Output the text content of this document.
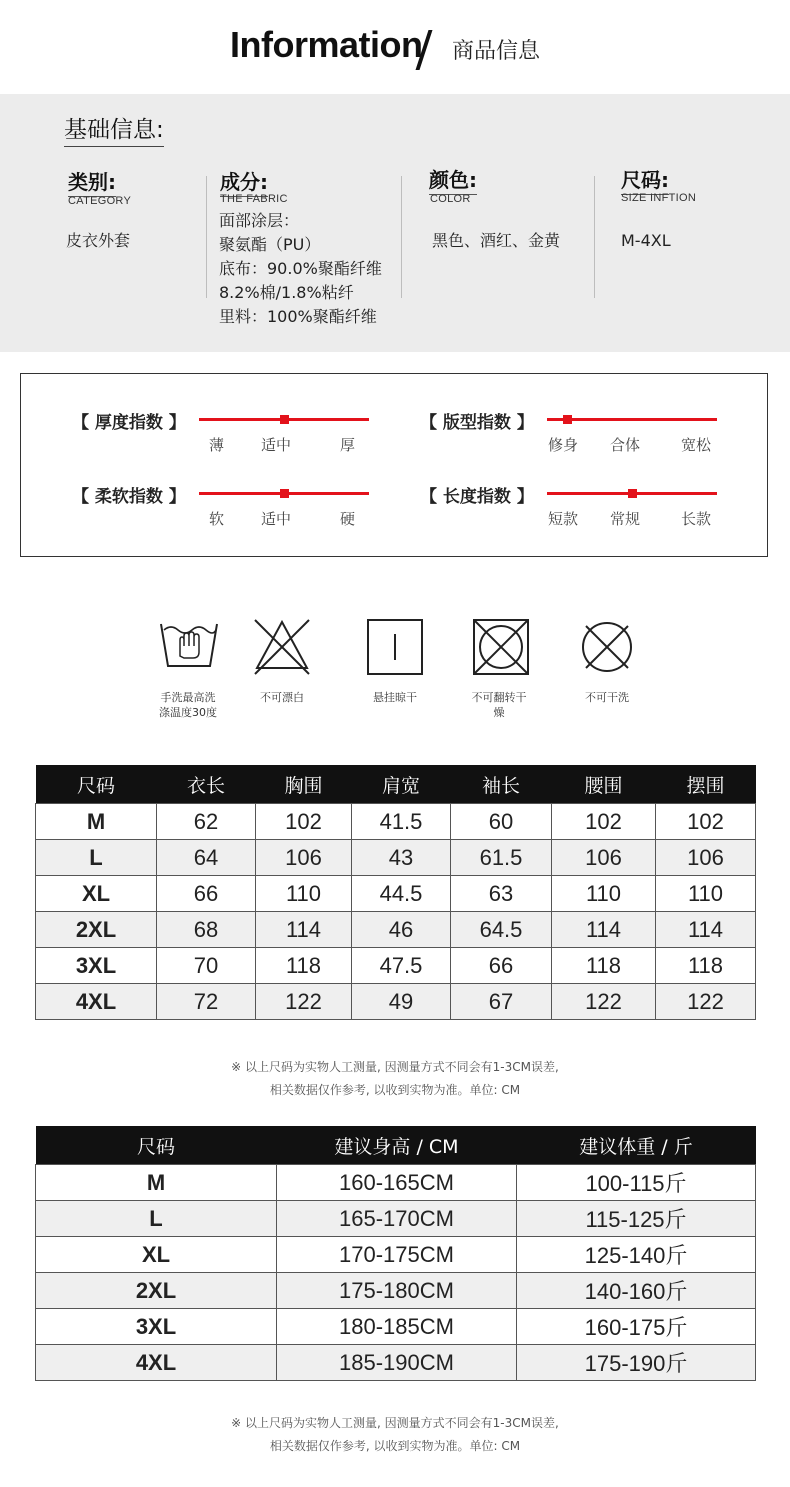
Information 商品信息
基础信息:
类别:
CATEGORY
皮衣外套
成分:
THE FABRIC
面部涂层：
聚氨酯（PU）
底布：90.0%聚酯纤维
8.2%棉/1.8%粘纤
里料：100%聚酯纤维
颜色:
COLOR
黑色、酒红、金黄
尺码:
SIZE INFTION
M-4XL
【 厚度指数 】
薄 适中	厚
【 版型指数 】
修身 合体	宽松
【 柔软指数 】
软 适中	硬
【 长度指数 】
短款 常规	长款
手洗最高洗涤温度30度
不可漂白	悬挂晾干	不可翻转干燥
不可干洗
尺码	衣长	胸围	肩宽	袖长	腰围	摆围
M	62	102	41.5	60	102	102
L	64	106	43	61.5	106	106
XL	66	110	44.5	63	110	110
2XL	68	114	46	64.5	114	114
3XL	70	118	47.5	66	118	118
4XL	72	122	49	67	122	122
※ 以上尺码为实物人工测量, 因测量方式不同会有1-3CM误差,
相关数据仅作参考, 以收到实物为准。单位: CM
尺码	建议身高 / CM	建议体重 / 斤
M	160-165CM	100-115斤
L	165-170CM	115-125斤
XL	170-175CM	125-140斤
2XL	175-180CM	140-160斤
3XL	180-185CM	160-175斤
4XL	185-190CM	175-190斤
※ 以上尺码为实物人工测量, 因测量方式不同会有1-3CM误差,
相关数据仅作参考, 以收到实物为准。单位: CM
